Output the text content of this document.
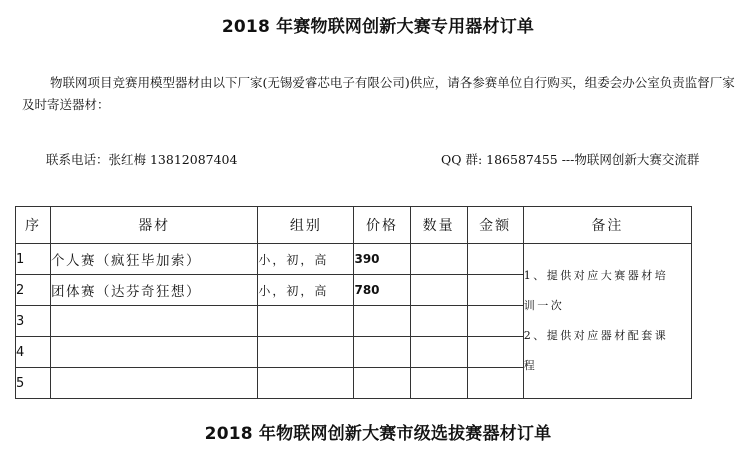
2018 年赛物联网创新大赛专用器材订单
物联网项目竞赛用模型器材由以下厂家(无锡爱睿芯电子有限公司)供应，请各参赛单位自行购买，组委会办公室负责监督厂家及时寄送器材：
联系电话：张红梅 13812087404	QQ 群: 186587455 ---物联网创新大赛交流群
序	器材	组别	价格	数量	金额	备注
1	个人赛（疯狂毕加索）	小，初，高	390			1、提供对应大赛器材培
训一次
2、提供对应器材配套课
程

2	团体赛（达芬奇狂想）	小，初，高	780			
3						
4						
5						
2018 年物联网创新大赛市级选拔赛器材订单
